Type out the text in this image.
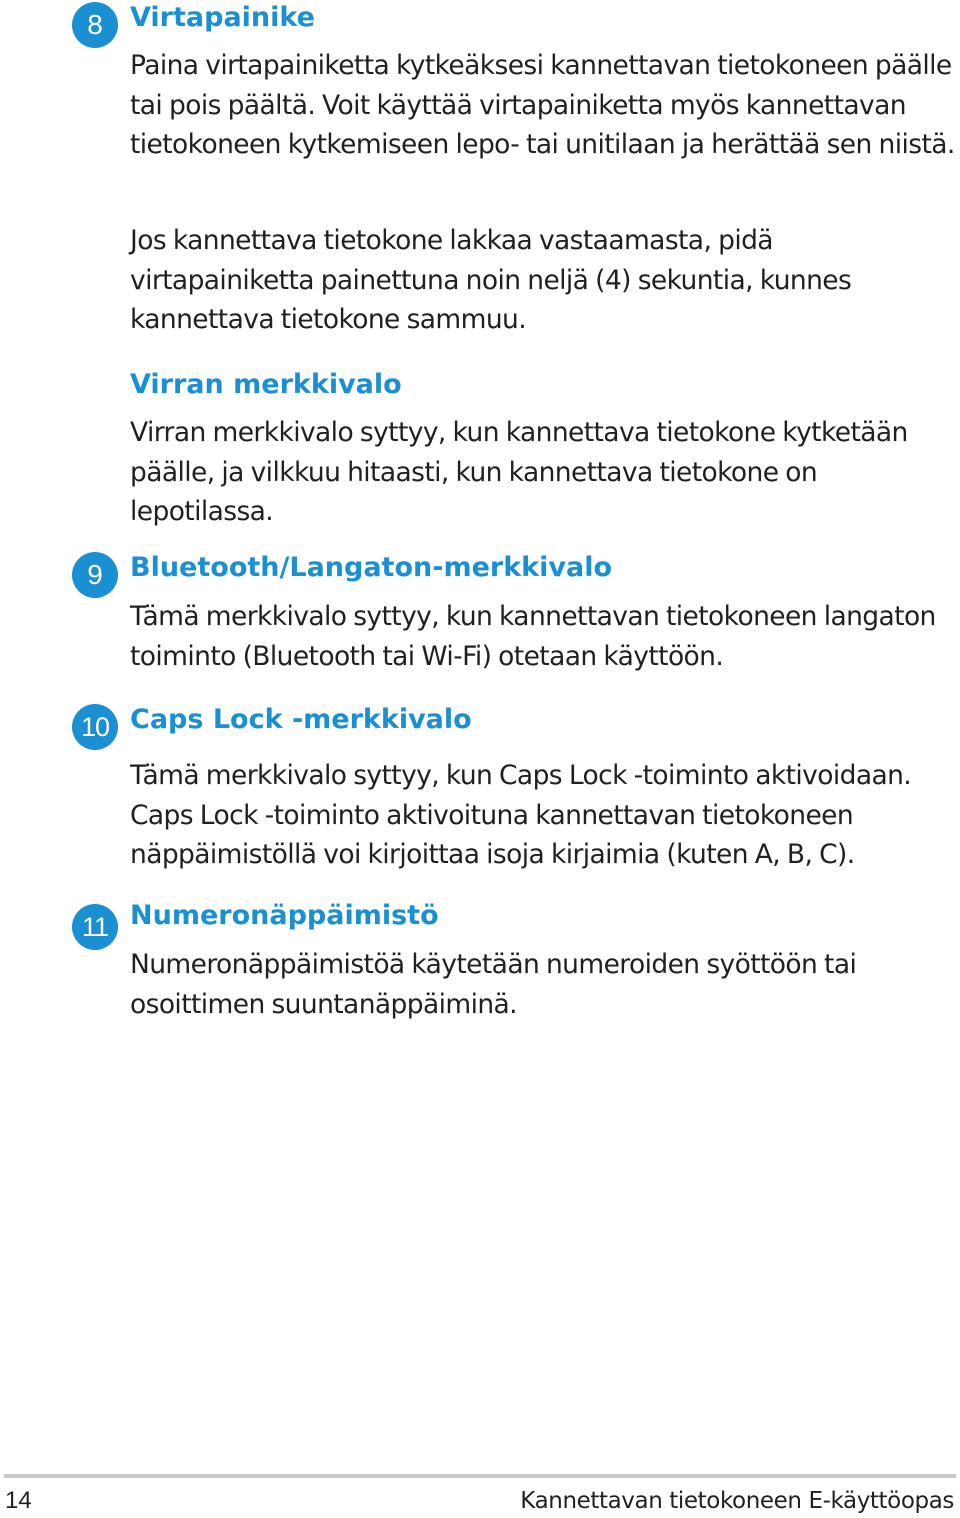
8	Virtapainike

Paina virtapainiketta kytkeäksesi kannettavan tietokoneen päälle tai pois päältä. Voit käyttää virtapainiketta myös kannettavan tietokoneen kytkemiseen lepo- tai unitilaan ja herättää sen niistä.

Jos kannettava tietokone lakkaa vastaamasta, pidä virtapainiketta painettuna noin neljä (4) sekuntia, kunnes kannettava tietokone sammuu.

Virran merkkivalo

Virran merkkivalo syttyy, kun kannettava tietokone kytketään päälle, ja vilkkuu hitaasti, kun kannettava tietokone on lepotilassa.

9	Bluetooth/Langaton-merkkivalo

Tämä merkkivalo syttyy, kun kannettavan tietokoneen langaton toiminto (Bluetooth tai Wi-Fi) otetaan käyttöön.

10 Caps Lock -merkkivalo

Tämä merkkivalo syttyy, kun Caps Lock -toiminto aktivoidaan. Caps Lock -toiminto aktivoituna kannettavan tietokoneen näppäimistöllä voi kirjoittaa isoja kirjaimia (kuten A, B, C).

11 Numeronäppäimistö

Numeronäppäimistöä käytetään numeroiden syöttöön tai osoittimen suuntanäppäiminä.

14	Kannettavan tietokoneen E-käyttöopas
